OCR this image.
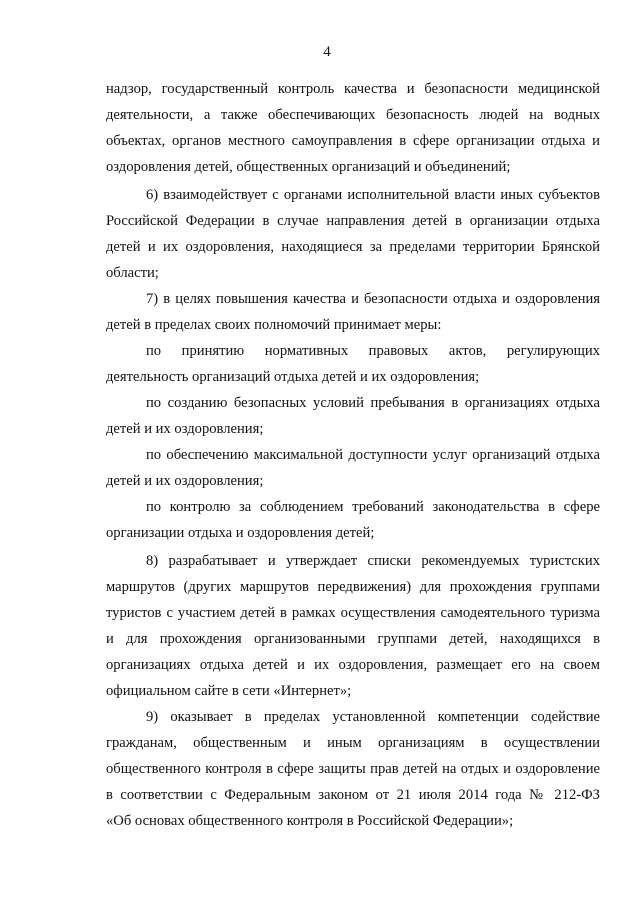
4
надзор, государственный контроль качества и безопасности медицинской
деятельности, а также обеспечивающих безопасность людей на водных
объектах, органов местного самоуправления в сфере организации отдыха и
оздоровления детей, общественных организаций и объединений;
6) взаимодействует с органами исполнительной власти иных субъектов
Российской Федерации в случае направления детей в организации отдыха
детей и их оздоровления, находящиеся за пределами территории Брянской
области;
7) в целях повышения качества и безопасности отдыха и оздоровления
детей в пределах своих полномочий принимает меры:
по принятию нормативных правовых актов, регулирующих
деятельность организаций отдыха детей и их оздоровления;
по созданию безопасных условий пребывания в организациях отдыха
детей и их оздоровления;
по обеспечению максимальной доступности услуг организаций отдыха
детей и их оздоровления;
по контролю за соблюдением требований законодательства в сфере
организации отдыха и оздоровления детей;
8) разрабатывает и утверждает списки рекомендуемых туристских
маршрутов (других маршрутов передвижения) для прохождения группами
туристов с участием детей в рамках осуществления самодеятельного туризма
и для прохождения организованными группами детей, находящихся в
организациях отдыха детей и их оздоровления, размещает его на своем
официальном сайте в сети «Интернет»;
9) оказывает в пределах установленной компетенции содействие
гражданам, общественным и иным организациям в осуществлении
общественного контроля в сфере защиты прав детей на отдых и оздоровление
в соответствии с Федеральным законом от 21 июля 2014 года № 212-ФЗ
«Об основах общественного контроля в Российской Федерации»;
